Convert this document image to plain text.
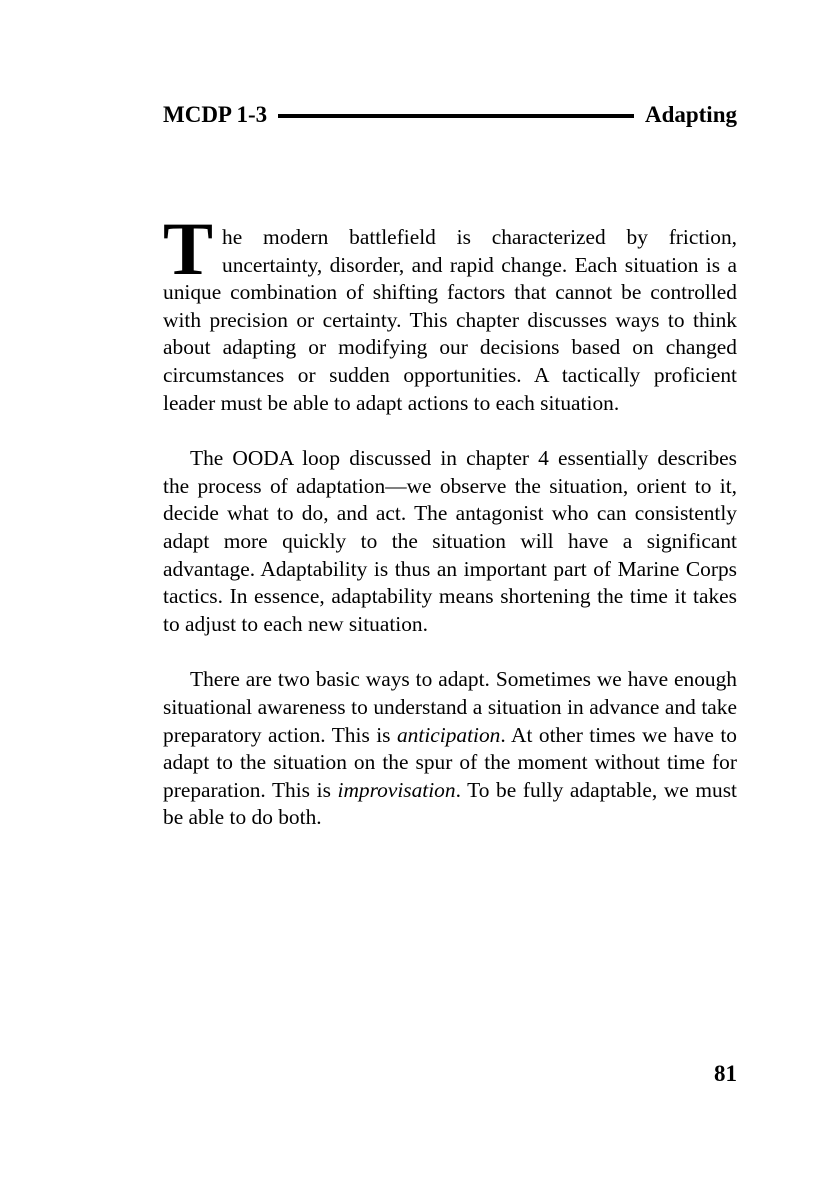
MCDP 1-3	Adapting

The modern battlefield is characterized by friction, uncertainty, disorder, and rapid change. Each situation is a unique combination of shifting factors that cannot be controlled with precision or certainty. This chapter discusses ways to think about adapting or modifying our decisions based on changed circumstances or sudden opportunities. A tactically proficient leader must be able to adapt actions to each situation.

The OODA loop discussed in chapter 4 essentially describes the process of adaptation—we observe the situation, orient to it, decide what to do, and act. The antagonist who can consistently adapt more quickly to the situation will have a significant advantage. Adaptability is thus an important part of Marine Corps tactics. In essence, adaptability means shortening the time it takes to adjust to each new situation.

There are two basic ways to adapt. Sometimes we have enough situational awareness to understand a situation in advance and take preparatory action. This is anticipation. At other times we have to adapt to the situation on the spur of the moment without time for preparation. This is improvisation. To be fully adaptable, we must be able to do both.

81
